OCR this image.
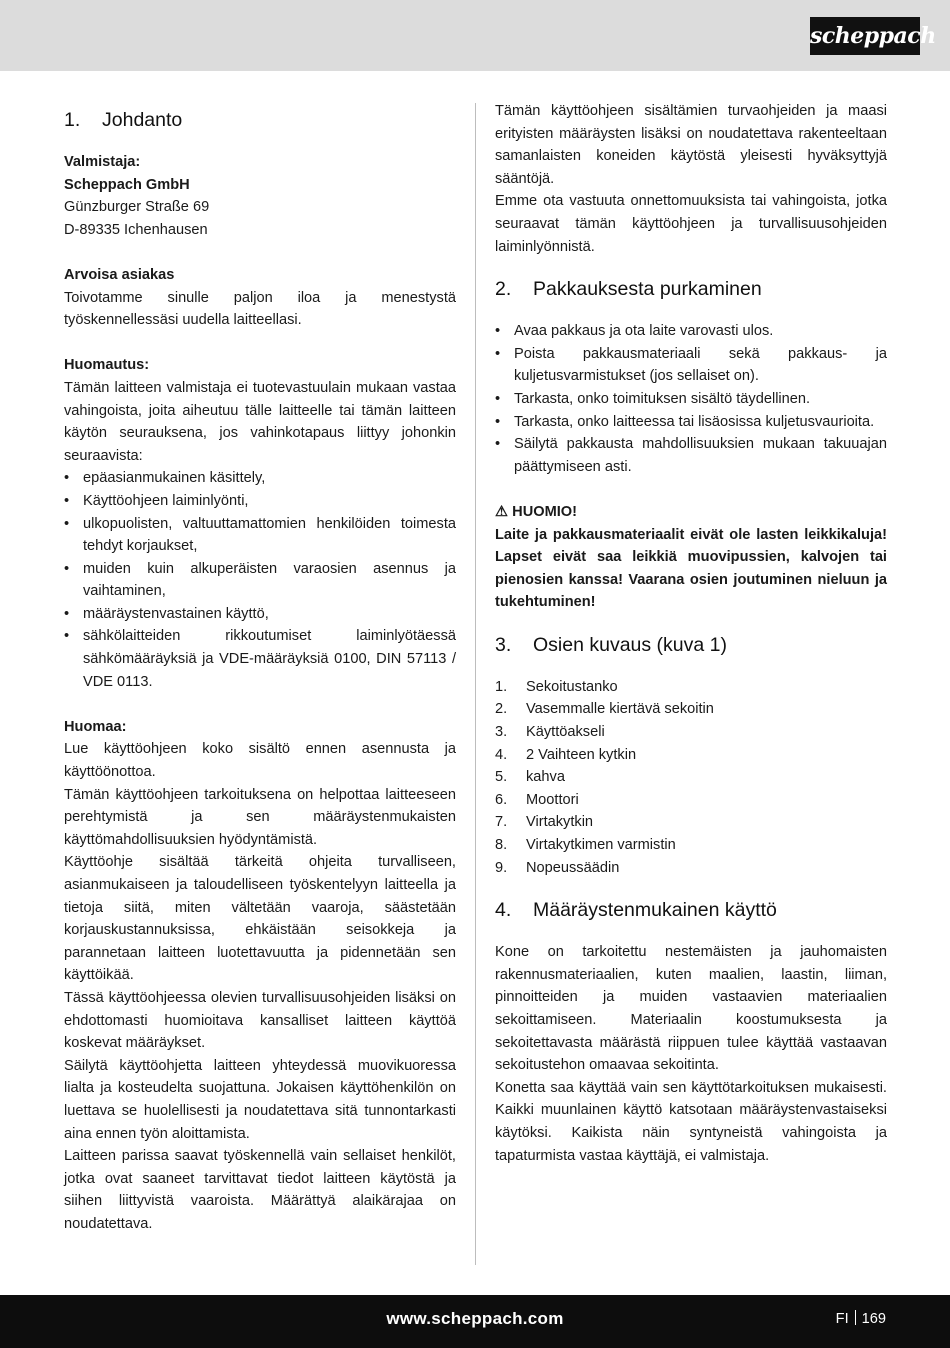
scheppach
1. Johdanto

Valmistaja:

Scheppach GmbH

Günzburger Straße 69

D-89335 Ichenhausen

Arvoisa asiakas

Toivotamme sinulle paljon iloa ja menestystä työskennellessäsi uudella laitteellasi.

Huomautus:

Tämän laitteen valmistaja ei tuotevastuulain mukaan vastaa vahingoista, joita aiheutuu tälle laitteelle tai tämän laitteen käytön seurauksena, jos vahinkotapaus liittyy johonkin seuraavista:

• epäasianmukainen käsittely,
• Käyttöohjeen laiminlyönti,
• ulkopuolisten, valtuuttamattomien henkilöiden toimesta tehdyt korjaukset,
• muiden kuin alkuperäisten varaosien asennus ja vaihtaminen,
• määräystenvastainen käyttö,
• sähkölaitteiden rikkoutumiset laiminlyötäessä sähkömääräyksiä ja VDE-määräyksiä 0100, DIN 57113 / VDE 0113.

Huomaa:

Lue käyttöohjeen koko sisältö ennen asennusta ja käyttöönottoa.

Tämän käyttöohjeen tarkoituksena on helpottaa laitteeseen perehtymistä ja sen määräystenmukaisten käyttömahdollisuuksien hyödyntämistä.

Käyttöohje sisältää tärkeitä ohjeita turvalliseen, asianmukaiseen ja taloudelliseen työskentelyyn laitteella ja tietoja siitä, miten vältetään vaaroja, säästetään korjauskustannuksissa, ehkäistään seisokkeja ja parannetaan laitteen luotettavuutta ja pidennetään sen käyttöikää.

Tässä käyttöohjeessa olevien turvallisuusohjeiden lisäksi on ehdottomasti huomioitava kansalliset laitteen käyttöä koskevat määräykset.

Säilytä käyttöohjetta laitteen yhteydessä muovikuoressa lialta ja kosteudelta suojattuna. Jokaisen käyttöhenkilön on luettava se huolellisesti ja noudatettava sitä tunnontarkasti aina ennen työn aloittamista.

Laitteen parissa saavat työskennellä vain sellaiset henkilöt, jotka ovat saaneet tarvittavat tiedot laitteen käytöstä ja siihen liittyvistä vaaroista. Määrättyä alaikärajaa on noudatettava.

Tämän käyttöohjeen sisältämien turvaohjeiden ja maasi erityisten määräysten lisäksi on noudatettava rakenteeltaan samanlaisten koneiden käytöstä yleisesti hyväksyttyjä sääntöjä.

Emme ota vastuuta onnettomuuksista tai vahingoista, jotka seuraavat tämän käyttöohjeen ja turvallisuusohjeiden laiminlyönnistä.

2. Pakkauksesta purkaminen
• Avaa pakkaus ja ota laite varovasti ulos.
• Poista pakkausmateriaali sekä pakkaus- ja kuljetusvarmistukset (jos sellaiset on).
• Tarkasta, onko toimituksen sisältö täydellinen.
• Tarkasta, onko laitteessa tai lisäosissa kuljetusvaurioita.
• Säilytä pakkausta mahdollisuuksien mukaan takuuajan päättymiseen asti.

⚠ HUOMIO!

Laite ja pakkausmateriaalit eivät ole lasten leikkikaluja! Lapset eivät saa leikkiä muovipussien, kalvojen tai pienosien kanssa! Vaarana osien joutuminen nieluun ja tukehtuminen!

3. Osien kuvaus (kuva 1)
1. Sekoitustanko
2. Vasemmalle kiertävä sekoitin
3. Käyttöakseli
4. 2 Vaihteen kytkin
5. kahva
6. Moottori
7. Virtakytkin
8. Virtakytkimen varmistin
9. Nopeussäädin
4. Määräystenmukainen käyttö

Kone on tarkoitettu nestemäisten ja jauhomaisten rakennusmateriaalien, kuten maalien, laastin, liiman, pinnoitteiden ja muiden vastaavien materiaalien sekoittamiseen. Materiaalin koostumuksesta ja sekoitettavasta määrästä riippuen tulee käyttää vastaavan sekoitustehon omaavaa sekoitinta.

Konetta saa käyttää vain sen käyttötarkoituksen mukaisesti. Kaikki muunlainen käyttö katsotaan määräystenvastaiseksi käytöksi. Kaikista näin syntyneistä vahingoista ja tapaturmista vastaa käyttäjä, ei valmistaja.

www.scheppach.com	FI 169
